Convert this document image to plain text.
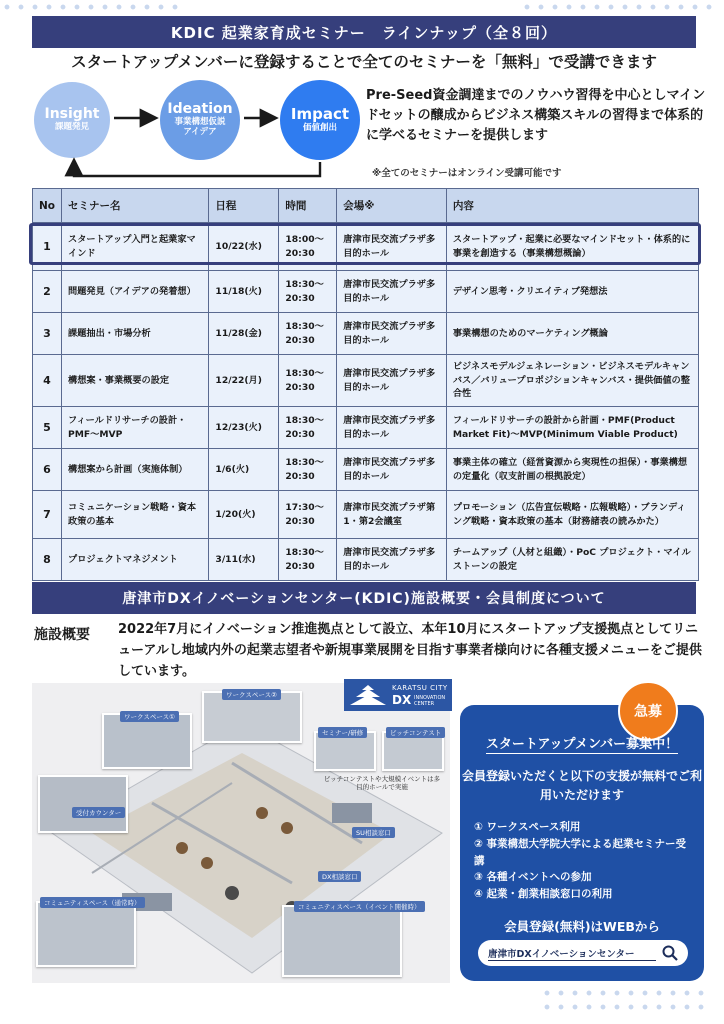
KDIC 起業家育成セミナー　ラインナップ（全８回）
スタートアップメンバーに登録することで全てのセミナーを「無料」で受講できます
Insight
課題発見
Ideation
事業構想仮説
アイデア
Impact
価値創出
Pre-Seed資金調達までのノウハウ習得を中心としマインドセットの醸成からビジネス構築スキルの習得まで体系的に学べるセミナーを提供します
※全てのセミナーはオンライン受講可能です
No	セミナー名	日程	時間	会場※	内容
1	スタートアップ入門と起業家マインド	10/22(水)	18:00～20:30	唐津市民交流プラザ多目的ホール	スタートアップ・起業に必要なマインドセット・体系的に事業を創造する（事業構想概論）
2	問題発見（アイデアの発着想）	11/18(火)	18:30～20:30	唐津市民交流プラザ多目的ホール	デザイン思考・クリエイティブ発想法
3	課題抽出・市場分析	11/28(金)	18:30～20:30	唐津市民交流プラザ多目的ホール	事業構想のためのマーケティング概論
4	構想案・事業概要の設定	12/22(月)	18:30～20:30	唐津市民交流プラザ多目的ホール	ビジネスモデルジェネレーション・ビジネスモデルキャンバス／バリュープロポジションキャンバス・提供価値の整合性
5	フィールドリサーチの設計・PMF～MVP	12/23(火)	18:30～20:30	唐津市民交流プラザ多目的ホール	フィールドリサーチの設計から計画・PMF(Product Market Fit)～MVP(Minimum Viable Product)
6	構想案から計画（実施体制）	1/6(火)	18:30～20:30	唐津市民交流プラザ多目的ホール	事業主体の確立（経営資源から実現性の担保）・事業構想の定量化（収支計画の根拠設定）
7	コミュニケーション戦略・資本政策の基本	1/20(火)	17:30～20:30	唐津市民交流プラザ第1・第2会議室	プロモーション（広告宣伝戦略・広報戦略）・ブランディング戦略・資本政策の基本（財務諸表の読みかた）
8	プロジェクトマネジメント	3/11(水)	18:30～20:30	唐津市民交流プラザ多目的ホール	チームアップ（人材と組織）・PoC プロジェクト・マイルストーンの設定
唐津市DXイノベーションセンター(KDIC)施設概要・会員制度について
施設概要 2022年7月にイノベーション推進拠点として設立、本年10月にスタートアップ支援拠点としてリニューアルし地域内外の起業志望者や新規事業展開を目指す事業者様向けに各種支援メニューをご提供しています。
ワークスペース②
ワークスペース①
セミナー/研修	ピッチコンテスト
ピッチコンテストや大規模イベントは多目的ホールで実施
受付カウンター
SU相談窓口
DX相談窓口
コミュニティスペース（通常時）	コミュニティスペース（イベント開催時）
KARATSU CITY
DX INNOVATION CENTER
急募
スタートアップメンバー募集中！
会員登録いただくと以下の支援が無料でご利用いただけます
① ワークスペース利用
② 事業構想大学院大学による起業セミナー受講
③ 各種イベントへの参加
④ 起業・創業相談窓口の利用
会員登録(無料)はWEBから
唐津市DXイノベーションセンター
